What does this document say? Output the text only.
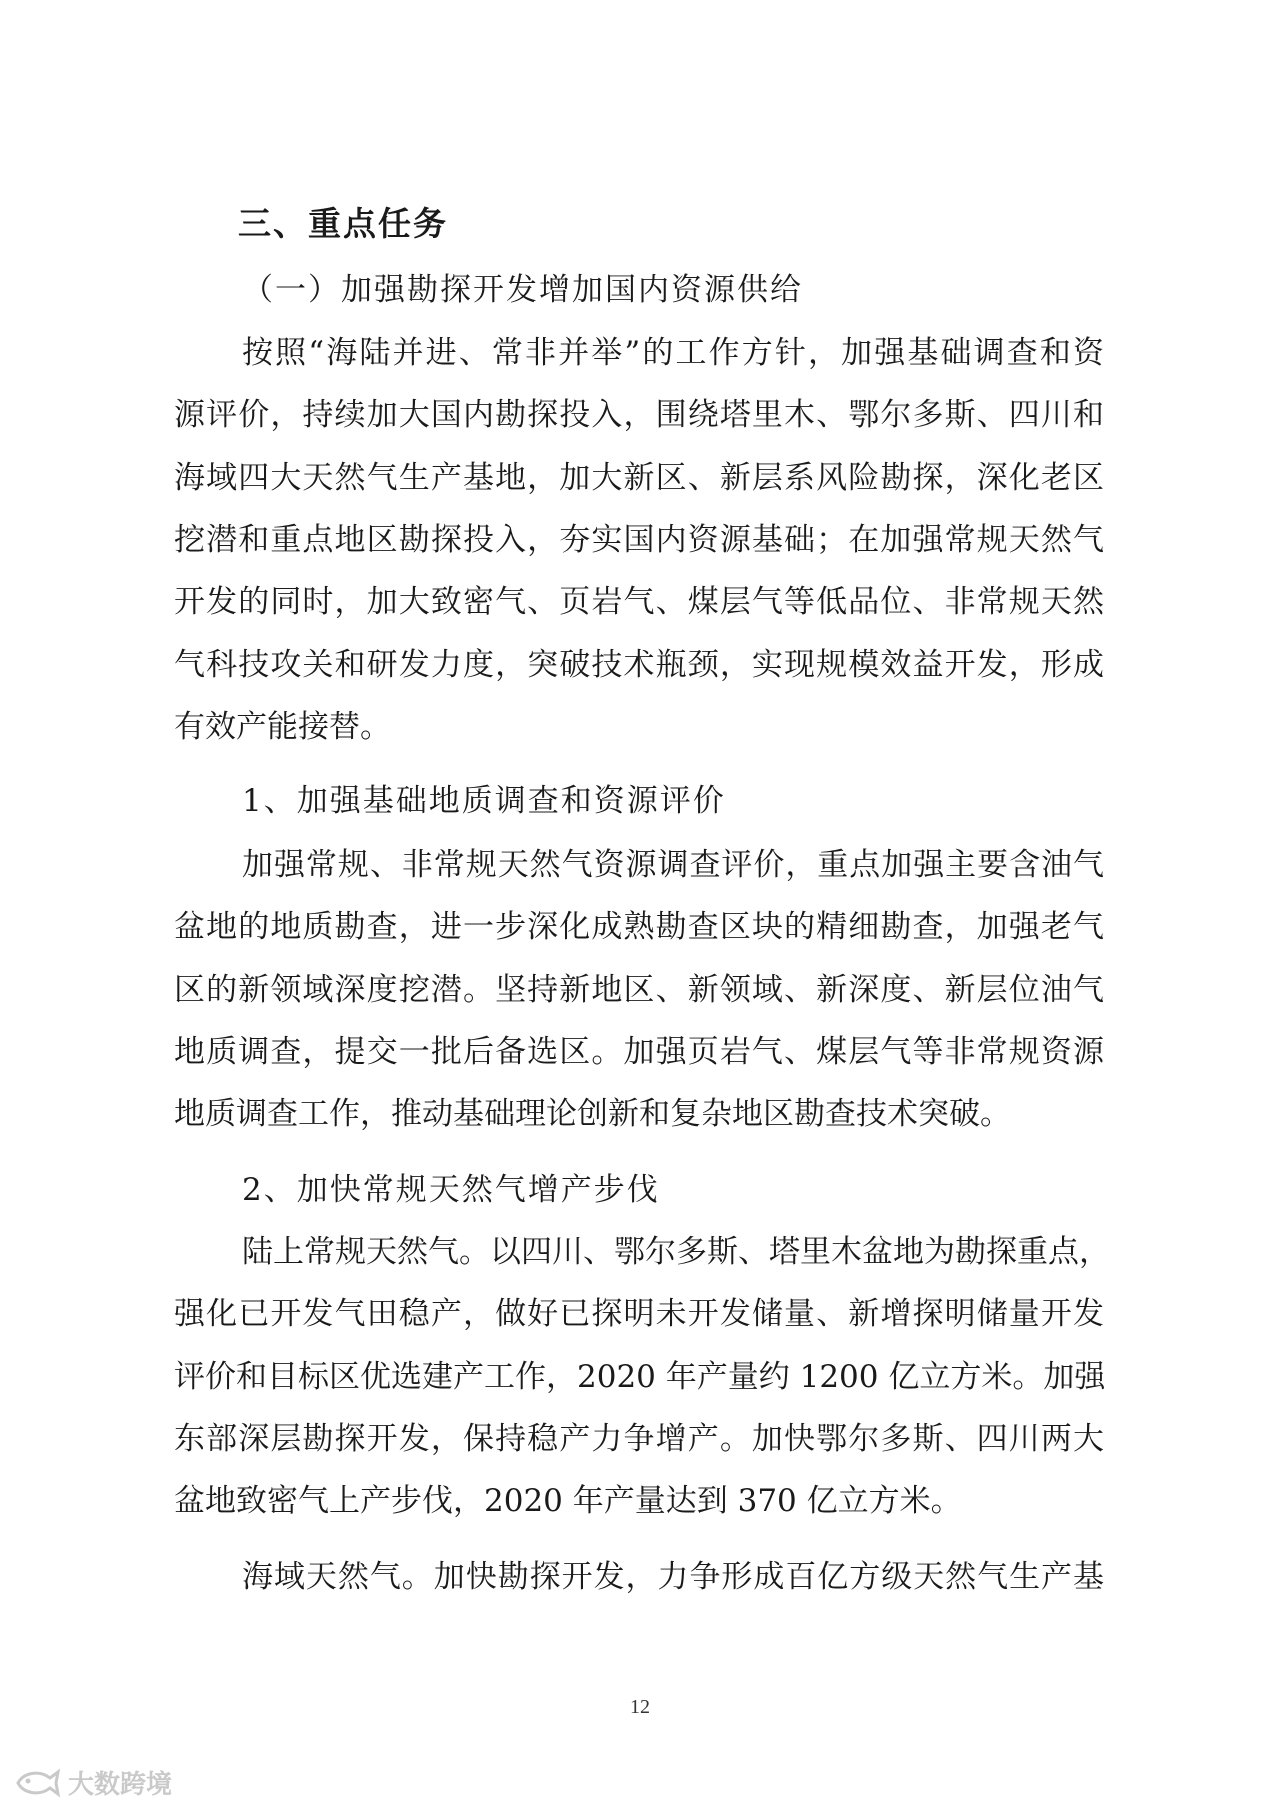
三、重点任务
（一）加强勘探开发增加国内资源供给
按照“海陆并进、常非并举”的工作方针，加强基础调查和资
源评价，持续加大国内勘探投入，围绕塔里木、鄂尔多斯、四川和
海域四大天然气生产基地，加大新区、新层系风险勘探，深化老区
挖潜和重点地区勘探投入，夯实国内资源基础；在加强常规天然气
开发的同时，加大致密气、页岩气、煤层气等低品位、非常规天然
气科技攻关和研发力度，突破技术瓶颈，实现规模效益开发，形成
有效产能接替。
1、加强基础地质调查和资源评价
加强常规、非常规天然气资源调查评价，重点加强主要含油气
盆地的地质勘查，进一步深化成熟勘查区块的精细勘查，加强老气
区的新领域深度挖潜。坚持新地区、新领域、新深度、新层位油气
地质调查，提交一批后备选区。加强页岩气、煤层气等非常规资源
地质调查工作，推动基础理论创新和复杂地区勘查技术突破。
2、加快常规天然气增产步伐
陆上常规天然气。以四川、鄂尔多斯、塔里木盆地为勘探重点，
强化已开发气田稳产，做好已探明未开发储量、新增探明储量开发
评价和目标区优选建产工作，2020 年产量约 1200 亿立方米。加强
东部深层勘探开发，保持稳产力争增产。加快鄂尔多斯、四川两大
盆地致密气上产步伐，2020 年产量达到 370 亿立方米。
海域天然气。加快勘探开发，力争形成百亿方级天然气生产基
12
大数跨境
